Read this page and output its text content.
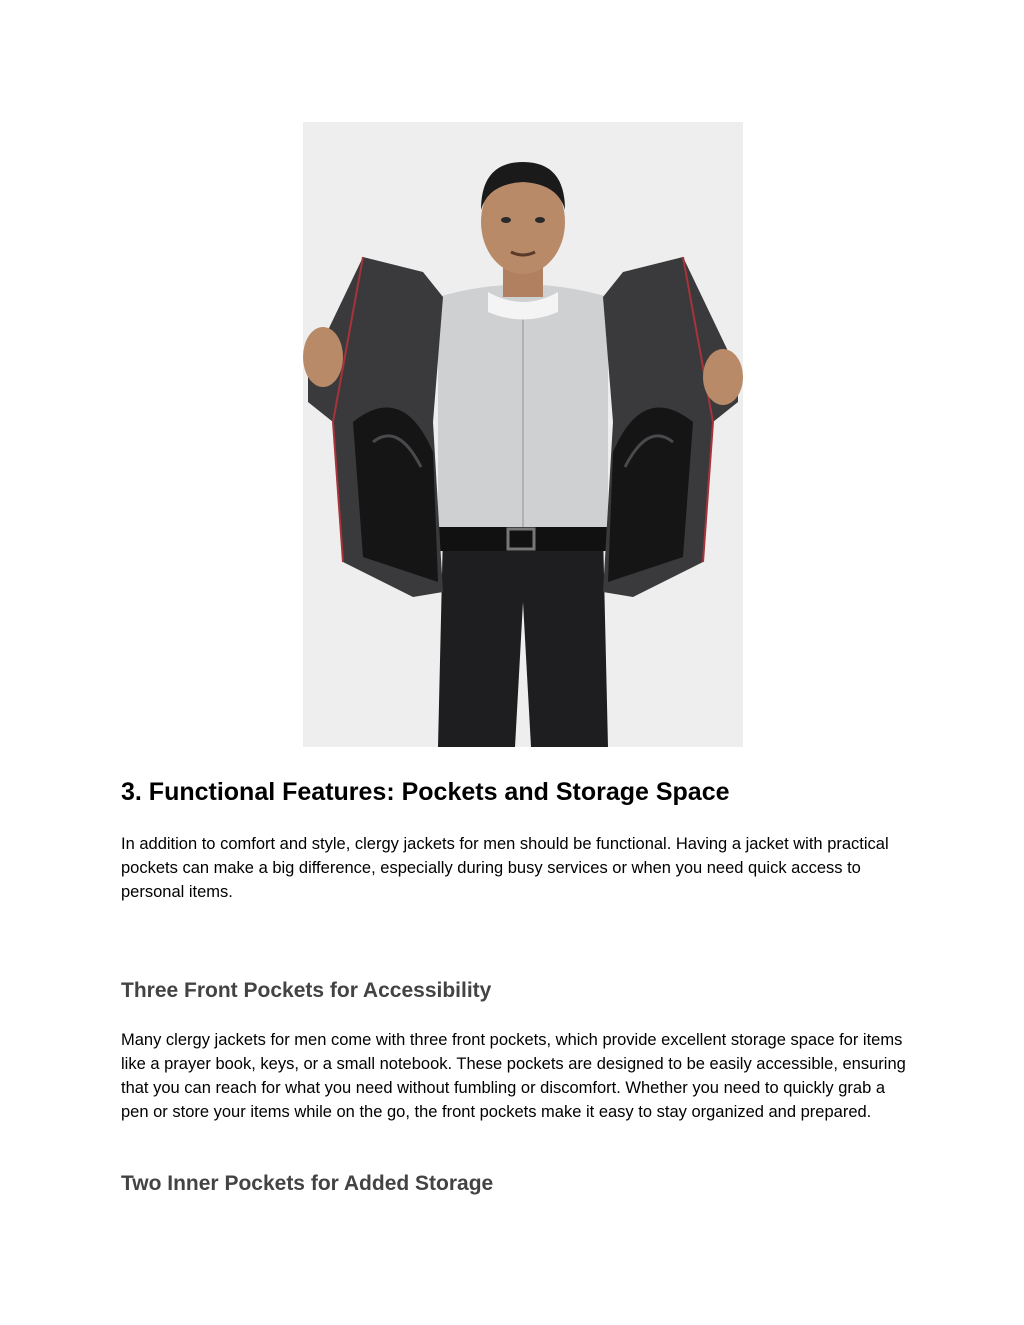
3. Functional Features: Pockets and Storage Space

In addition to comfort and style, clergy jackets for men should be functional. Having a jacket with practical pockets can make a big difference, especially during busy services or when you need quick access to personal items.

Three Front Pockets for Accessibility

Many clergy jackets for men come with three front pockets, which provide excellent storage space for items like a prayer book, keys, or a small notebook. These pockets are designed to be easily accessible, ensuring that you can reach for what you need without fumbling or discomfort. Whether you need to quickly grab a pen or store your items while on the go, the front pockets make it easy to stay organized and prepared.

Two Inner Pockets for Added Storage
